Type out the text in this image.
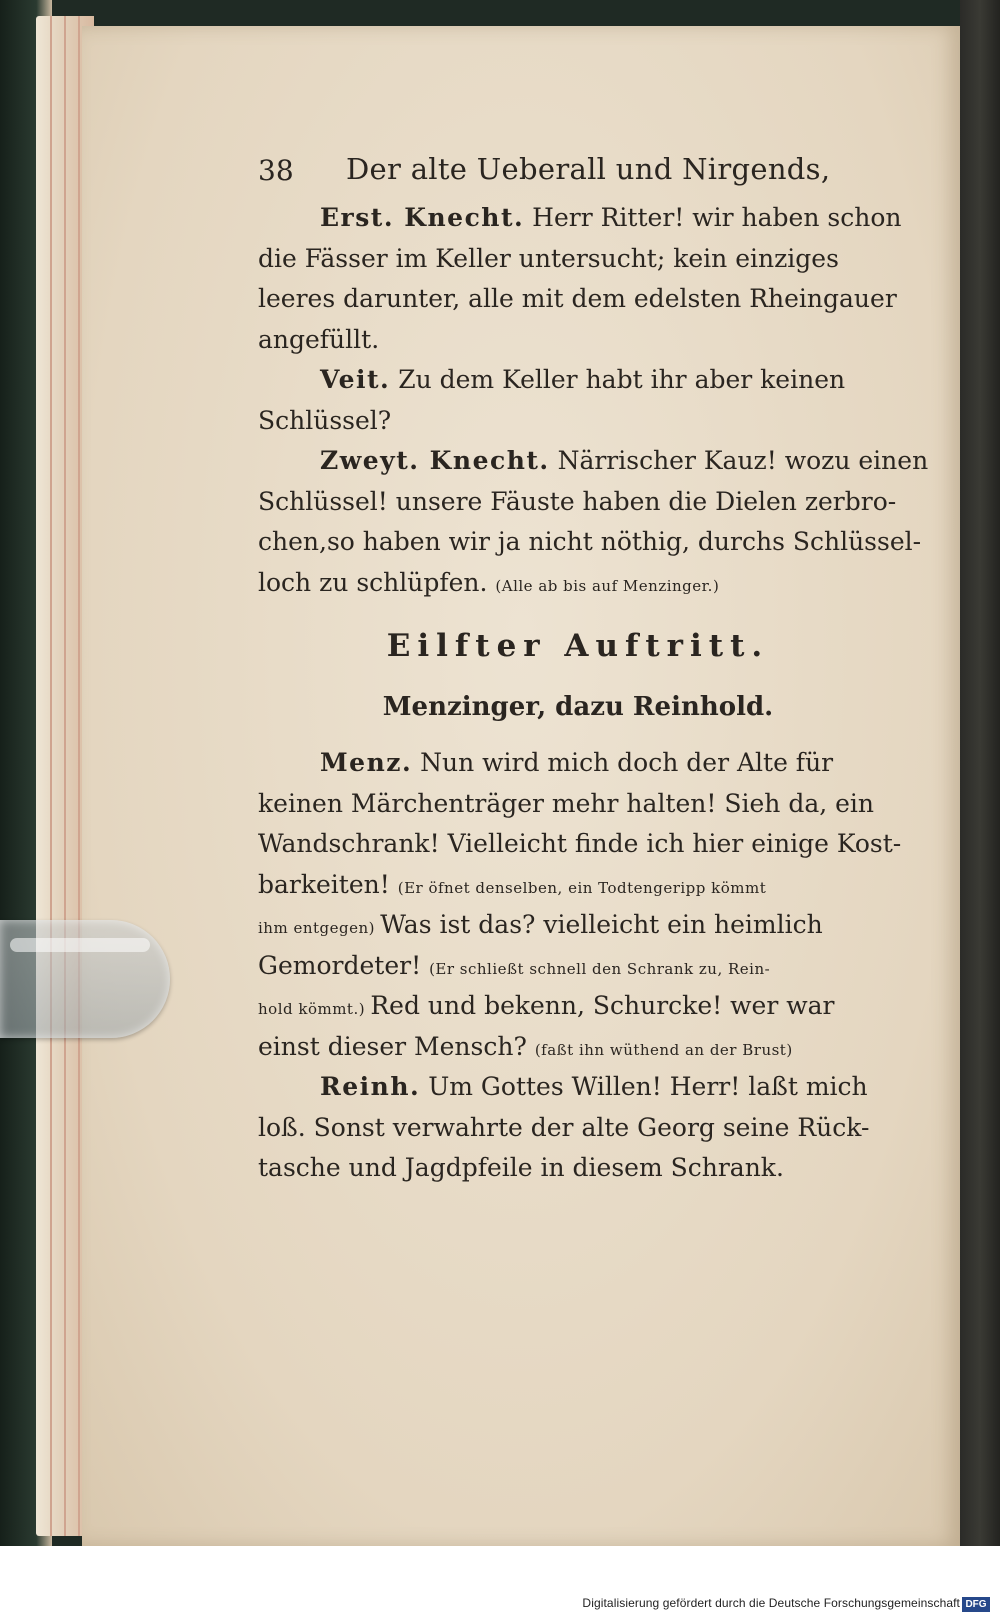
38 Der alte Ueberall und Nirgends,
Erst. Knecht. Herr Ritter! wir haben schon
die Fässer im Keller untersucht; kein einziges
leeres darunter, alle mit dem edelsten Rheingauer
angefüllt.
Veit. Zu dem Keller habt ihr aber keinen
Schlüssel?
Zweyt. Knecht. Närrischer Kauz! wozu einen
Schlüssel! unsere Fäuste haben die Dielen zerbro-
chen,so haben wir ja nicht nöthig, durchs Schlüssel-
loch zu schlüpfen. (Alle ab bis auf Menzinger.)
Eilfter Auftritt.
Menzinger, dazu Reinhold.
Menz. Nun wird mich doch der Alte für
keinen Märchenträger mehr halten! Sieh da, ein
Wandschrank! Vielleicht finde ich hier einige Kost-
barkeiten! (Er öfnet denselben, ein Todtengeripp kömmt
ihm entgegen) Was ist das? vielleicht ein heimlich
Gemordeter! (Er schließt schnell den Schrank zu, Rein-
hold kömmt.) Red und bekenn, Schurcke! wer war
einst dieser Mensch? (faßt ihn wüthend an der Brust)
Reinh. Um Gottes Willen! Herr! laßt mich
loß. Sonst verwahrte der alte Georg seine Rück-
tasche und Jagdpfeile in diesem Schrank.
Digitalisierung gefördert durch die Deutsche Forschungsgemeinschaft DFG
